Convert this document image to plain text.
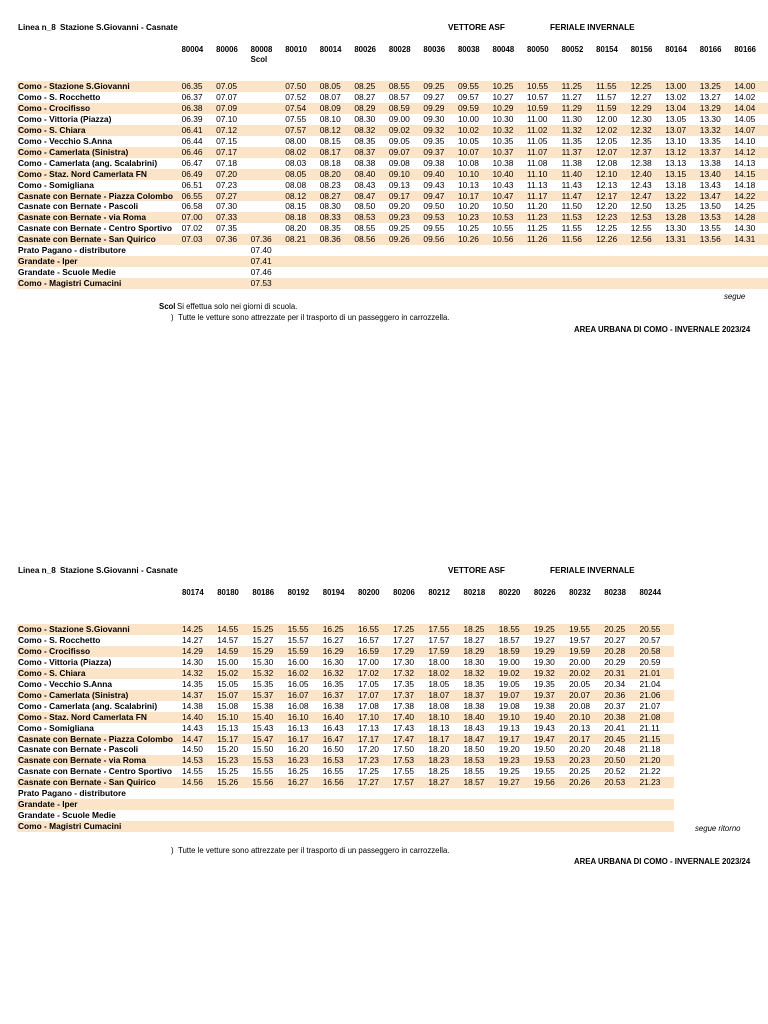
Linea n_8 Stazione S.Giovanni - Casnate	VETTORE ASF	FERIALE INVERNALE
	80004	80006	80008	80010	80014	80026	80028	80036	80038	80048	80050	80052	80154	80156	80164	80166	80166
			Scol														

Como - Stazione S.Giovanni	06.35	07.05		07.50	08.05	08.25	08.55	09.25	09.55	10.25	10.55	11.25	11.55	12.25	13.00	13.25	14.00
Como - S. Rocchetto	06.37	07.07		07.52	08.07	08.27	08.57	09.27	09.57	10.27	10.57	11.27	11.57	12.27	13.02	13.27	14.02
Como - Crocifisso	06.38	07.09		07.54	08.09	08.29	08.59	09.29	09.59	10.29	10.59	11.29	11.59	12.29	13.04	13.29	14.04
Como - Vittoria (Piazza)	06.39	07.10		07.55	08.10	08.30	09.00	09.30	10.00	10.30	11.00	11.30	12.00	12.30	13.05	13.30	14.05
Como - S. Chiara	06.41	07.12		07.57	08.12	08.32	09.02	09.32	10.02	10.32	11.02	11.32	12.02	12.32	13.07	13.32	14.07
Como - Vecchio S.Anna	06.44	07.15		08.00	08.15	08.35	09.05	09.35	10.05	10.35	11.05	11.35	12.05	12.35	13.10	13.35	14.10
Como - Camerlata (Sinistra)	06.46	07.17		08.02	08.17	08.37	09.07	09.37	10.07	10.37	11.07	11.37	12.07	12.37	13.12	13.37	14.12
Como - Camerlata (ang. Scalabrini)	06.47	07.18		08.03	08.18	08.38	09.08	09.38	10.08	10.38	11.08	11.38	12.08	12.38	13.13	13.38	14.13
Como - Staz. Nord Camerlata FN	06.49	07.20		08.05	08.20	08.40	09.10	09.40	10.10	10.40	11.10	11.40	12.10	12.40	13.15	13.40	14.15
Como - Somigliana	06.51	07.23		08.08	08.23	08.43	09.13	09.43	10.13	10.43	11.13	11.43	12.13	12.43	13.18	13.43	14.18
Casnate con Bernate - Piazza Colombo	06.55	07.27		08.12	08.27	08.47	09.17	09.47	10.17	10.47	11.17	11.47	12.17	12.47	13.22	13.47	14.22
Casnate con Bernate - Pascoli	06.58	07.30		08.15	08.30	08.50	09.20	09.50	10.20	10.50	11.20	11.50	12.20	12.50	13.25	13.50	14.25
Casnate con Bernate - via Roma	07.00	07.33		08.18	08.33	08.53	09.23	09.53	10.23	10.53	11.23	11.53	12.23	12.53	13.28	13.53	14.28
Casnate con Bernate - Centro Sportivo	07.02	07.35		08.20	08.35	08.55	09.25	09.55	10.25	10.55	11.25	11.55	12.25	12.55	13.30	13.55	14.30
Casnate con Bernate - San Quirico	07.03	07.36	07.36	08.21	08.36	08.56	09.26	09.56	10.26	10.56	11.26	11.56	12.26	12.56	13.31	13.56	14.31
Prato Pagano - distributore			07.40														
Grandate - Iper			07.41														
Grandate - Scuole Medie			07.46														
Como - Magistri Cumacini			07.53														
segue
Scol Si effettua solo nei giorni di scuola.
) Tutte le vetture sono attrezzate per il trasporto di un passeggero in carrozzella.
AREA URBANA DI COMO - INVERNALE 2023/24
Linea n_8 Stazione S.Giovanni - Casnate	VETTORE ASF	FERIALE INVERNALE
	80174	80180	80186	80192	80194	80200	80206	80212	80218	80220	80226	80232	80238	80244

Como - Stazione S.Giovanni	14.25	14.55	15.25	15.55	16.25	16.55	17.25	17.55	18.25	18.55	19.25	19.55	20.25	20.55
Como - S. Rocchetto	14.27	14.57	15.27	15.57	16.27	16.57	17.27	17.57	18.27	18.57	19.27	19.57	20.27	20.57
Como - Crocifisso	14.29	14.59	15.29	15.59	16.29	16.59	17.29	17.59	18.29	18.59	19.29	19.59	20.28	20.58
Como - Vittoria (Piazza)	14.30	15.00	15.30	16.00	16.30	17.00	17.30	18.00	18.30	19.00	19.30	20.00	20.29	20.59
Como - S. Chiara	14.32	15.02	15.32	16.02	16.32	17.02	17.32	18.02	18.32	19.02	19.32	20.02	20.31	21.01
Como - Vecchio S.Anna	14.35	15.05	15.35	16.05	16.35	17.05	17.35	18.05	18.35	19.05	19.35	20.05	20.34	21.04
Como - Camerlata (Sinistra)	14.37	15.07	15.37	16.07	16.37	17.07	17.37	18.07	18.37	19.07	19.37	20.07	20.36	21.06
Como - Camerlata (ang. Scalabrini)	14.38	15.08	15.38	16.08	16.38	17.08	17.38	18.08	18.38	19.08	19.38	20.08	20.37	21.07
Como - Staz. Nord Camerlata FN	14.40	15.10	15.40	16.10	16.40	17.10	17.40	18.10	18.40	19.10	19.40	20.10	20.38	21.08
Como - Somigliana	14.43	15.13	15.43	16.13	16.43	17.13	17.43	18.13	18.43	19.13	19.43	20.13	20.41	21.11
Casnate con Bernate - Piazza Colombo	14.47	15.17	15.47	16.17	16.47	17.17	17.47	18.17	18.47	19.17	19.47	20.17	20.45	21.15
Casnate con Bernate - Pascoli	14.50	15.20	15.50	16.20	16.50	17.20	17.50	18.20	18.50	19.20	19.50	20.20	20.48	21.18
Casnate con Bernate - via Roma	14.53	15.23	15.53	16.23	16.53	17.23	17.53	18.23	18.53	19.23	19.53	20.23	20.50	21.20
Casnate con Bernate - Centro Sportivo	14.55	15.25	15.55	16.25	16.55	17.25	17.55	18.25	18.55	19.25	19.55	20.25	20.52	21.22
Casnate con Bernate - San Quirico	14.56	15.26	15.56	16.27	16.56	17.27	17.57	18.27	18.57	19.27	19.56	20.26	20.53	21.23
Prato Pagano - distributore														
Grandate - Iper														
Grandate - Scuole Medie														
Como - Magistri Cumacini															segue ritorno
) Tutte le vetture sono attrezzate per il trasporto di un passeggero in carrozzella.
AREA URBANA DI COMO - INVERNALE 2023/24
